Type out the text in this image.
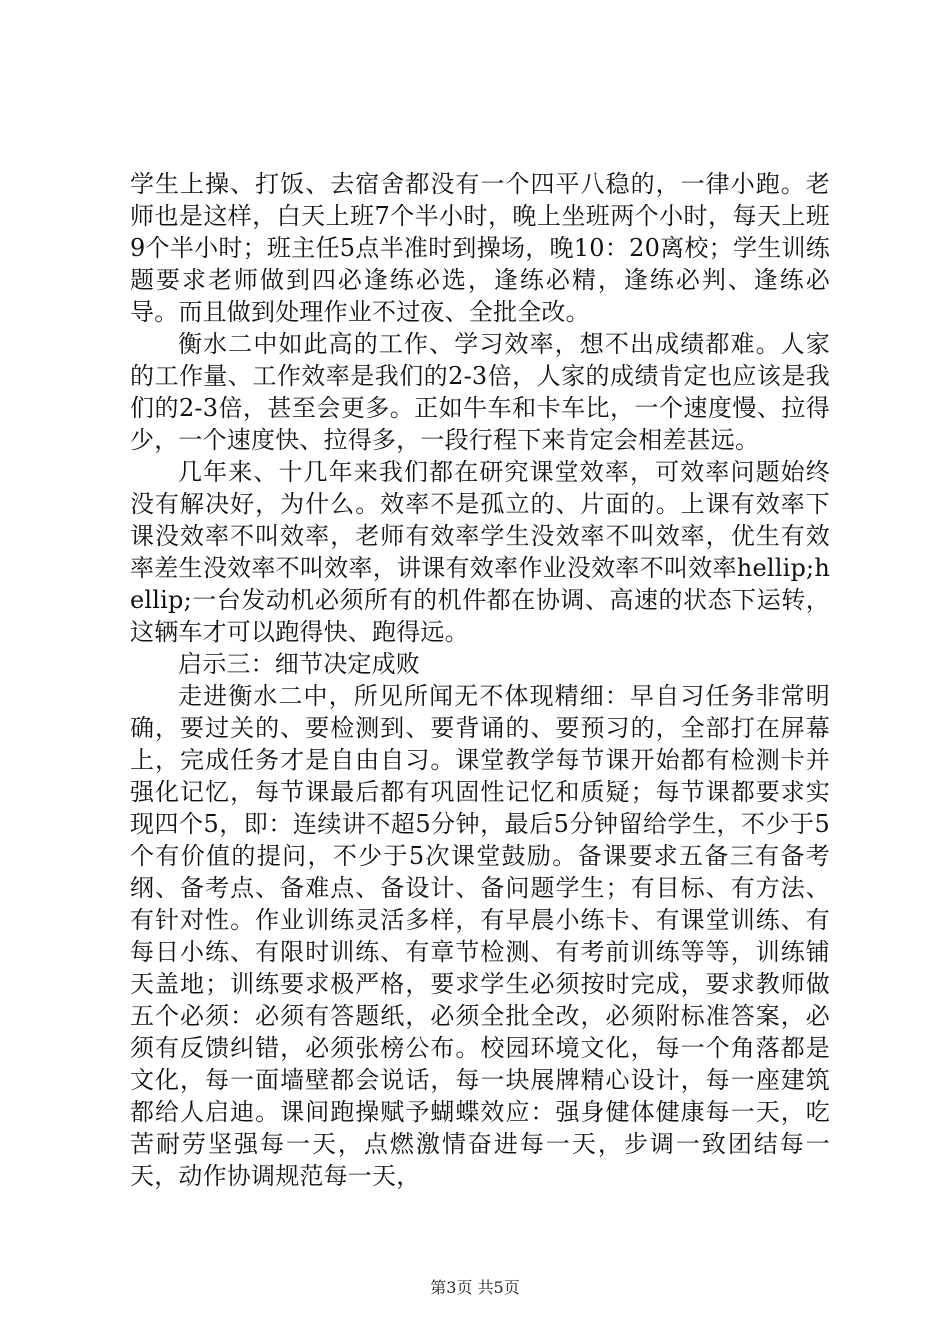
学生上操、打饭、去宿舍都没有一个四平八稳的，一律小跑。老师也是这样，白天上班7个半小时，晚上坐班两个小时，每天上班9个半小时；班主任5点半准时到操场，晚10：20离校；学生训练题要求老师做到四必逢练必选，逢练必精，逢练必判、逢练必导。而且做到处理作业不过夜、全批全改。

衡水二中如此高的工作、学习效率，想不出成绩都难。人家的工作量、工作效率是我们的2-3倍，人家的成绩肯定也应该是我们的2-3倍，甚至会更多。正如牛车和卡车比，一个速度慢、拉得少，一个速度快、拉得多，一段行程下来肯定会相差甚远。

几年来、十几年来我们都在研究课堂效率，可效率问题始终没有解决好，为什么。效率不是孤立的、片面的。上课有效率下课没效率不叫效率，老师有效率学生没效率不叫效率，优生有效率差生没效率不叫效率，讲课有效率作业没效率不叫效率hellip;hellip;一台发动机必须所有的机件都在协调、高速的状态下运转，这辆车才可以跑得快、跑得远。

启示三：细节决定成败

走进衡水二中，所见所闻无不体现精细：早自习任务非常明确，要过关的、要检测到、要背诵的、要预习的，全部打在屏幕上，完成任务才是自由自习。课堂教学每节课开始都有检测卡并强化记忆，每节课最后都有巩固性记忆和质疑；每节课都要求实现四个5，即：连续讲不超5分钟，最后5分钟留给学生，不少于5个有价值的提问，不少于5次课堂鼓励。备课要求五备三有备考纲、备考点、备难点、备设计、备问题学生；有目标、有方法、有针对性。作业训练灵活多样，有早晨小练卡、有课堂训练、有每日小练、有限时训练、有章节检测、有考前训练等等，训练铺天盖地；训练要求极严格，要求学生必须按时完成，要求教师做五个必须：必须有答题纸，必须全批全改，必须附标准答案，必须有反馈纠错，必须张榜公布。校园环境文化，每一个角落都是文化，每一面墙壁都会说话，每一块展牌精心设计，每一座建筑都给人启迪。课间跑操赋予蝴蝶效应：强身健体健康每一天，吃苦耐劳坚强每一天，点燃激情奋进每一天，步调一致团结每一天，动作协调规范每一天，

第3页 共5页
